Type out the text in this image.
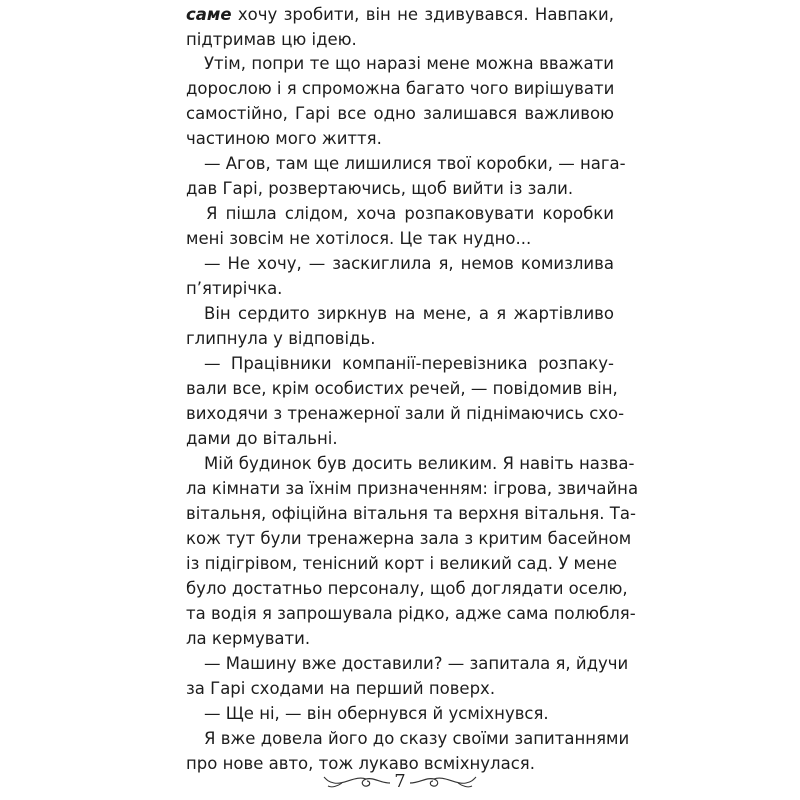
саме хочу зробити, він не здивувався. Навпаки,
підтримав цю ідею.
Утім, попри те що наразі мене можна вважати
дорослою і я спроможна багато чого вирішувати
самостійно, Гарі все одно залишався важливою
частиною мого життя.
— Агов, там ще лишилися твої коробки, — нага-
дав Гарі, розвертаючись, щоб вийти із зали.
Я пішла слідом, хоча розпаковувати коробки
мені зовсім не хотілося. Це так нудно...
— Не хочу, — заскиглила я, немов комизлива
п’ятирічка.
Він сердито зиркнув на мене, а я жартівливо
глипнула у відповідь.
— Працівники компанії-перевізника розпаку-
вали все, крім особистих речей, — повідомив він,
виходячи з тренажерної зали й піднімаючись схо-
дами до вітальні.
Мій будинок був досить великим. Я навіть назва-
ла кімнати за їхнім призначенням: ігрова, звичайна
вітальня, офіційна вітальня та верхня вітальня. Та-
кож тут були тренажерна зала з критим басейном
із підігрівом, тенісний корт і великий сад. У мене
було достатньо персоналу, щоб доглядати оселю,
та водія я запрошувала рідко, адже сама полюбля-
ла кермувати.
— Машину вже доставили? — запитала я, йдучи
за Гарі сходами на перший поверх.
— Ще ні, — він обернувся й усміхнувся.
Я вже довела його до сказу своїми запитаннями
про нове авто, тож лукаво всміхнулася.
7
